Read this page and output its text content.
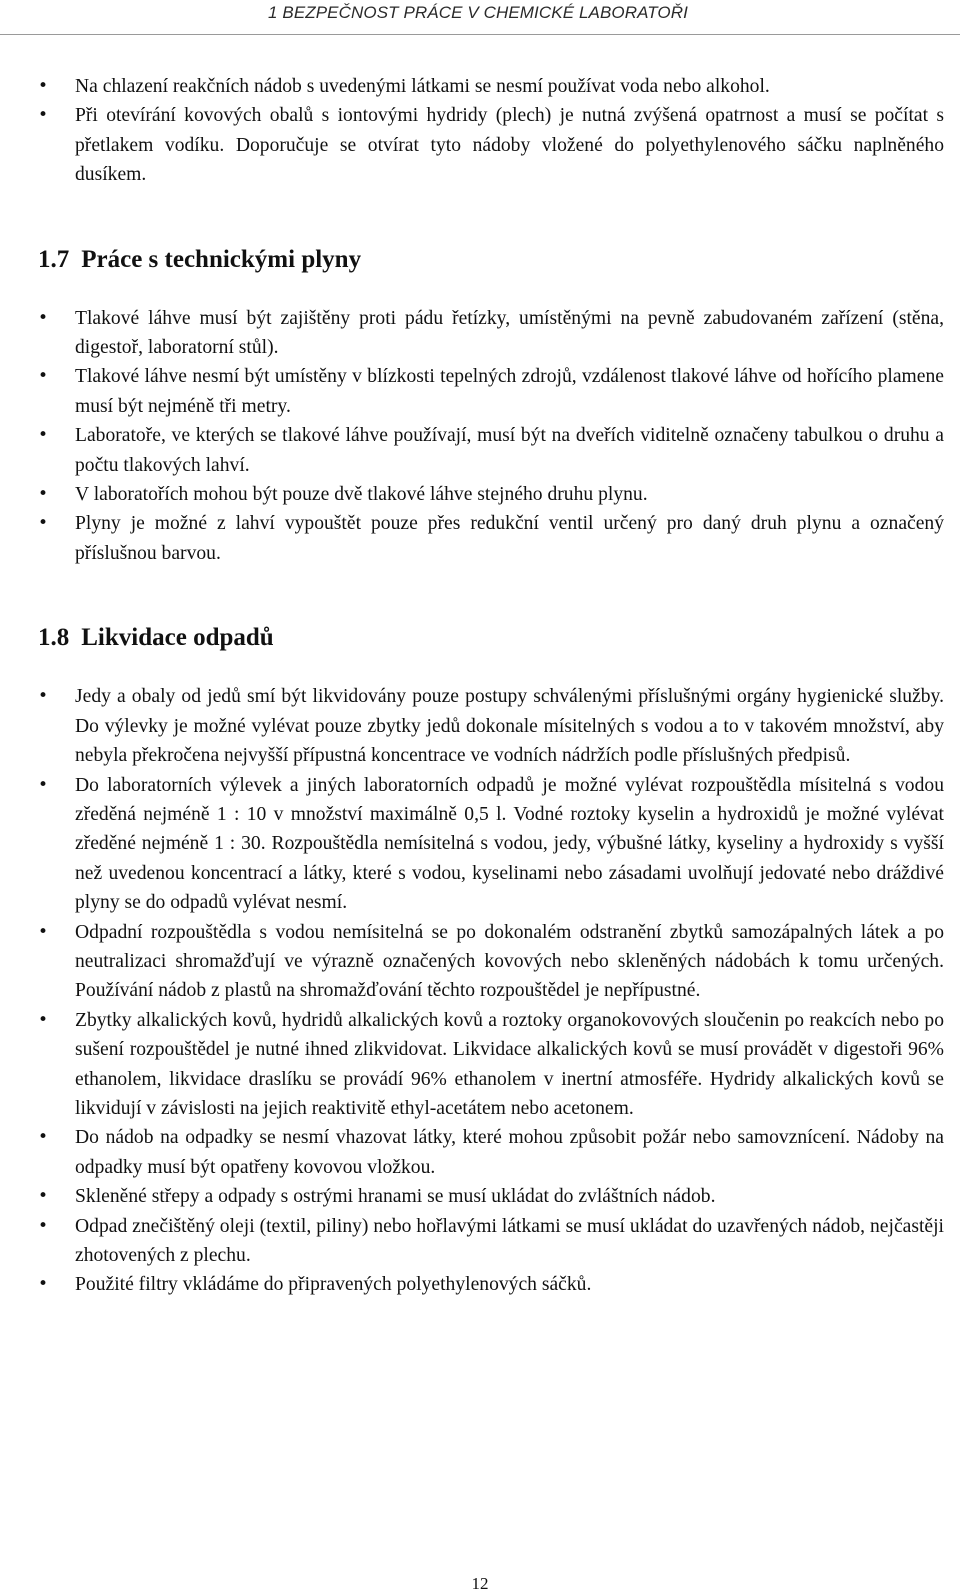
1 BEZPEČNOST PRÁCE V CHEMICKÉ LABORATOŘI
• Na chlazení reakčních nádob s uvedenými látkami se nesmí používat voda nebo alkohol.
• Při otevírání kovových obalů s iontovými hydridy (plech) je nutná zvýšená opatrnost a musí se počítat s přetlakem vodíku. Doporučuje se otvírat tyto nádoby vložené do polyethylenového sáčku naplněného dusíkem.
1.7 Práce s technickými plyny
• Tlakové láhve musí být zajištěny proti pádu řetízky, umístěnými na pevně zabudovaném zařízení (stěna, digestoř, laboratorní stůl).
• Tlakové láhve nesmí být umístěny v blízkosti tepelných zdrojů, vzdálenost tlakové láhve od hořícího plamene musí být nejméně tři metry.
• Laboratoře, ve kterých se tlakové láhve používají, musí být na dveřích viditelně označeny tabulkou o druhu a počtu tlakových lahví.
• V laboratořích mohou být pouze dvě tlakové láhve stejného druhu plynu.
• Plyny je možné z lahví vypouštět pouze přes redukční ventil určený pro daný druh plynu a označený příslušnou barvou.
1.8 Likvidace odpadů
• Jedy a obaly od jedů smí být likvidovány pouze postupy schválenými příslušnými orgány hygienické služby. Do výlevky je možné vylévat pouze zbytky jedů dokonale mísitelných s vodou a to v takovém množství, aby nebyla překročena nejvyšší přípustná koncentrace ve vodních nádržích podle příslušných předpisů.
• Do laboratorních výlevek a jiných laboratorních odpadů je možné vylévat rozpouštědla mísitelná s vodou zředěná nejméně 1 : 10 v množství maximálně 0,5 l. Vodné roztoky kyselin a hydroxidů je možné vylévat zředěné nejméně 1 : 30. Rozpouštědla nemísitelná s vodou, jedy, výbušné látky, kyseliny a hydroxidy s vyšší než uvedenou koncentrací a látky, které s vodou, kyselinami nebo zásadami uvolňují jedovaté nebo dráždivé plyny se do odpadů vylévat nesmí.
• Odpadní rozpouštědla s vodou nemísitelná se po dokonalém odstranění zbytků samozápalných látek a po neutralizaci shromažďují ve výrazně označených kovových nebo skleněných nádobách k tomu určených. Používání nádob z plastů na shromažďování těchto rozpouštědel je nepřípustné.
• Zbytky alkalických kovů, hydridů alkalických kovů a roztoky organokovových sloučenin po reakcích nebo po sušení rozpouštědel je nutné ihned zlikvidovat. Likvidace alkalických kovů se musí provádět v digestoři 96% ethanolem, likvidace draslíku se provádí 96% ethanolem v inertní atmosféře. Hydridy alkalických kovů se likvidují v závislosti na jejich reaktivitě ethyl-acetátem nebo acetonem.
• Do nádob na odpadky se nesmí vhazovat látky, které mohou způsobit požár nebo samovznícení. Nádoby na odpadky musí být opatřeny kovovou vložkou.
• Skleněné střepy a odpady s ostrými hranami se musí ukládat do zvláštních nádob.
• Odpad znečištěný oleji (textil, piliny) nebo hořlavými látkami se musí ukládat do uzavřených nádob, nejčastěji zhotovených z plechu.
• Použité filtry vkládáme do připravených polyethylenových sáčků.
12
